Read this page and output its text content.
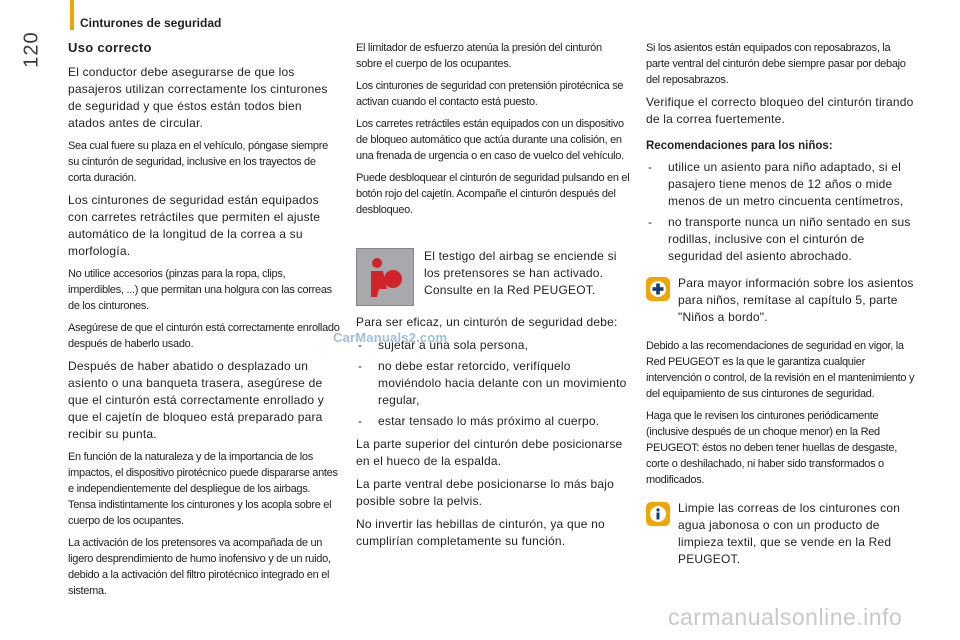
120
Cinturones de seguridad
Uso correcto

El conductor debe asegurarse de que los pasajeros utilizan correctamente los cinturones de seguridad y que éstos están todos bien atados antes de circular.

Sea cual fuere su plaza en el vehículo, póngase siempre su cinturón de seguridad, inclusive en los trayectos de corta duración.

Los cinturones de seguridad están equipados con carretes retráctiles que permiten el ajuste automático de la longitud de la correa a su morfología.

No utilice accesorios (pinzas para la ropa, clips, imperdibles, ...) que permitan una holgura con las correas de los cinturones.

Asegúrese de que el cinturón está correctamente enrollado después de haberlo usado.

Después de haber abatido o desplazado un asiento o una banqueta trasera, asegúrese de que el cinturón está correctamente enrollado y que el cajetín de bloqueo está preparado para recibir su punta.

En función de la naturaleza y de la importancia de los impactos, el dispositivo pirotécnico puede dispararse antes e independientemente del despliegue de los airbags. Tensa indistintamente los cinturones y los acopla sobre el cuerpo de los ocupantes.

La activación de los pretensores va acompañada de un ligero desprendimiento de humo inofensivo y de un ruido, debido a la activación del filtro pirotécnico integrado en el sistema.

El limitador de esfuerzo atenúa la presión del cinturón sobre el cuerpo de los ocupantes.

Los cinturones de seguridad con pretensión pirotécnica se activan cuando el contacto está puesto.

Los carretes retráctiles están equipados con un dispositivo de bloqueo automático que actúa durante una colisión, en una frenada de urgencia o en caso de vuelco del vehículo.

Puede desbloquear el cinturón de seguridad pulsando en el botón rojo del cajetín. Acompañe el cinturón después del desbloqueo.

El testigo del airbag se enciende si los pretensores se han activado. Consulte en la Red PEUGEOT.

Para ser eficaz, un cinturón de seguridad debe:

- sujetar a una sola persona,
- no debe estar retorcido, verifíquelo moviéndolo hacia delante con un movimiento regular,
- estar tensado lo más próximo al cuerpo.

La parte superior del cinturón debe posicionarse en el hueco de la espalda.

La parte ventral debe posicionarse lo más bajo posible sobre la pelvis.

No invertir las hebillas de cinturón, ya que no cumplirían completamente su función.

Si los asientos están equipados con reposabrazos, la parte ventral del cinturón debe siempre pasar por debajo del reposabrazos.

Verifique el correcto bloqueo del cinturón tirando de la correa fuertemente.

Recomendaciones para los niños:
- utilice un asiento para niño adaptado, si el pasajero tiene menos de 12 años o mide menos de un metro cincuenta centímetros,
- no transporte nunca un niño sentado en sus rodillas, inclusive con el cinturón de seguridad del asiento abrochado.
Para mayor información sobre los asientos para niños, remítase al capítulo 5, parte "Niños a bordo".

Debido a las recomendaciones de seguridad en vigor, la Red PEUGEOT es la que le garantiza cualquier intervención o control, de la revisión en el mantenimiento y del equipamiento de sus cinturones de seguridad.

Haga que le revisen los cinturones periódicamente (inclusive después de un choque menor) en la Red PEUGEOT: éstos no deben tener huellas de desgaste, corte o deshilachado, ni haber sido transformados o modificados.

Limpie las correas de los cinturones con agua jabonosa o con un producto de limpieza textil, que se vende en la Red PEUGEOT.
CarManuals2.com
carmanualsonline.info
